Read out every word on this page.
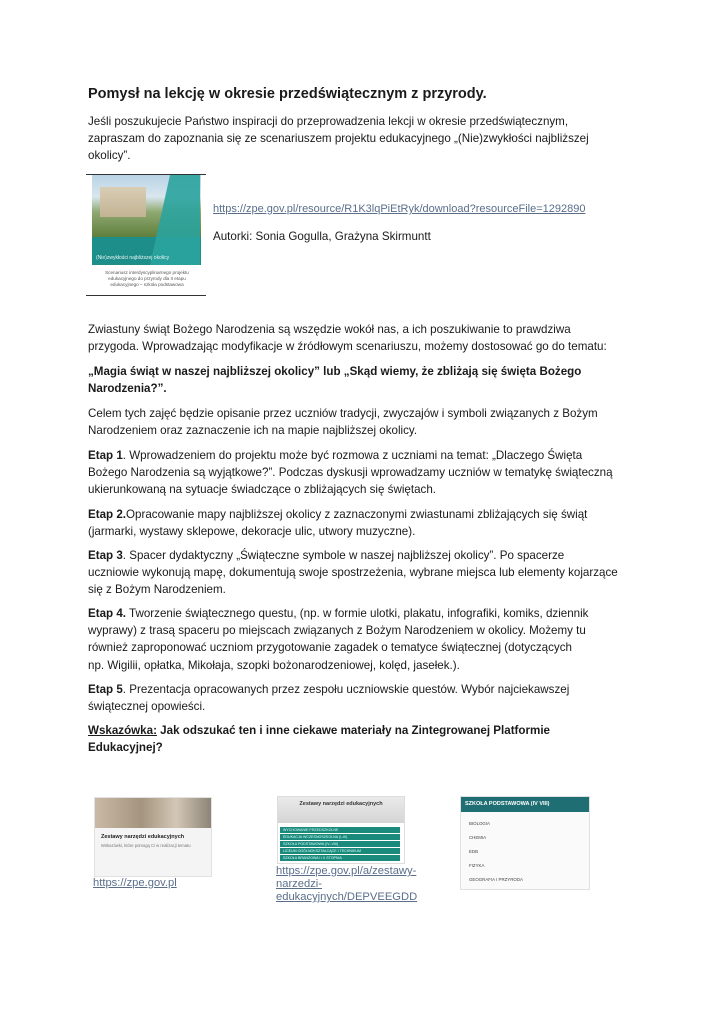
Pomysł na lekcję w okresie przedświątecznym z przyrody.
Jeśli poszukujecie Państwo inspiracji do przeprowadzenia lekcji w okresie przedświątecznym,
zapraszam do zapoznania się ze scenariuszem projektu edukacyjnego „(Nie)zwykłości najbliższej
okolicy”.
(Nie)zwykłości najbliższej okolicy
Scenariusz interdyscyplinarnego projektu edukacyjnego do przyrody dla II etapu edukacyjnego – szkoła podstawowa
https://zpe.gov.pl/resource/R1K3lqPiEtRyk/download?resourceFile=1292890
Autorki: Sonia Gogulla, Grażyna Skirmuntt
Zwiastuny świąt Bożego Narodzenia są wszędzie wokół nas, a ich poszukiwanie to prawdziwa
przygoda. Wprowadzając modyfikacje w źródłowym scenariuszu, możemy dostosować go do tematu:
„Magia świąt w naszej najbliższej okolicy” lub „Skąd wiemy, że zbliżają się święta Bożego
Narodzenia?”.
Celem tych zajęć będzie opisanie przez uczniów tradycji, zwyczajów i symboli związanych z Bożym
Narodzeniem oraz zaznaczenie ich na mapie najbliższej okolicy.
Etap 1. Wprowadzeniem do projektu może być rozmowa z uczniami na temat: „Dlaczego Święta
Bożego Narodzenia są wyjątkowe?”. Podczas dyskusji wprowadzamy uczniów w tematykę świąteczną
ukierunkowaną na sytuacje świadczące o zbliżających się świętach.
Etap 2.Opracowanie mapy najbliższej okolicy z zaznaczonymi zwiastunami zbliżających się świąt
(jarmarki, wystawy sklepowe, dekoracje ulic, utwory muzyczne).
Etap 3. Spacer dydaktyczny „Świąteczne symbole w naszej najbliższej okolicy”. Po spacerze
uczniowie wykonują mapę, dokumentują swoje spostrzeżenia, wybrane miejsca lub elementy kojarzące
się z Bożym Narodzeniem.
Etap 4. Tworzenie świątecznego questu, (np. w formie ulotki, plakatu, infografiki, komiks, dziennik
wyprawy) z trasą spaceru po miejscach związanych z Bożym Narodzeniem w okolicy. Możemy tu
również zaproponować uczniom przygotowanie zagadek o tematyce świątecznej (dotyczących
np. Wigilii, opłatka, Mikołaja, szopki bożonarodzeniowej, kolęd, jasełek.).
Etap 5. Prezentacja opracowanych przez zespołu uczniowskie questów. Wybór najciekawszej
świątecznej opowieści.
Wskazówka: Jak odszukać ten i inne ciekawe materiały na Zintegrowanej Platformie
Edukacyjnej?
Zestawy narzędzi edukacyjnych
Wskazówki, które pomogą Ci w realizacji tematu
https://zpe.gov.pl
Zestawy narzędzi edukacyjnych
WYCHOWANIE PRZEDSZKOLNE
EDUKACJA WCZESNOSZKOLNA (I–III)
SZKOŁA PODSTAWOWA (IV–VIII)
LICEUM OGÓLNOKSZTAŁCĄCE I TECHNIKUM
SZKOŁA BRANŻOWA I i II STOPNIA
https://zpe.gov.pl/a/zestawy-
narzedzi-
edukacyjnych/DEPVEEGDD
SZKOŁA PODSTAWOWA (IV VIII)
BIOLOGIA
CHEMIA
EDB
FIZYKA
GEOGRAFIA I PRZYRODA
